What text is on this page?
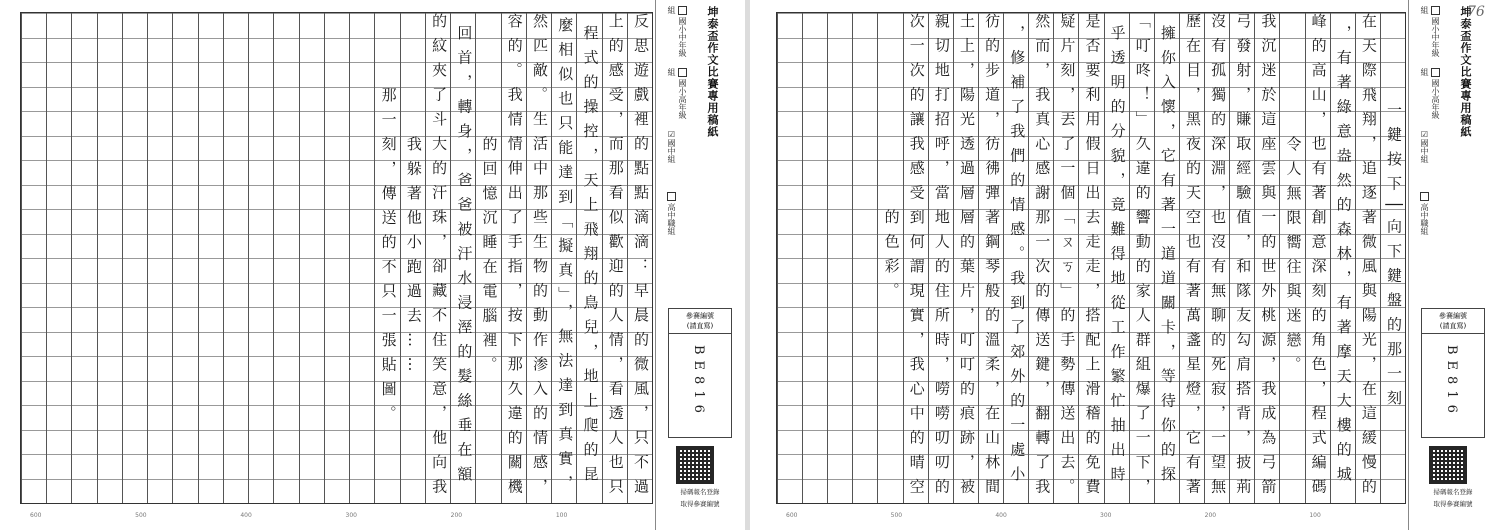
反思遊戲裡的點點滴滴：早晨的微風，只不過
上的感受，而那看似歡迎的人情，看透人也只
程式的操控，天上飛翔的鳥兒，地上爬的昆
麼相似也只能達到「擬真」，無法達到真實，
然匹敵。生活中那些生物的動作渗入的情感，
容的。我情情伸出了手指，按下那久違的關機
的回憶沉睡在電腦裡。
回首，轉身，爸爸被汗水浸溼的髮絲垂在額
的紋夾了斗大的汗珠，卻藏不住笑意，他向我
我躲著他小跑過去……
那一刻，傳送的不只一張貼圖。
600	500	400	300	200	100
坤泰盃作文比賽專用稿紙
國小中年級組
國小高年級組
☑國中組
高中職組
參賽編號
(請直寫)
BE816
掃碼報名登錄
取得參賽編號
一鍵按下│向下鍵盤的那一刻
在天際飛翔，追逐著微風與陽光，在這緩慢的
，有著綠意盎然的森林，有著摩天大樓的城
峰的高山，也有著創意深刻的角色，程式編碼
令人無限嚮往與迷戀。
我沉迷於這座雲與一的世外桃源，我成為弓箭
弓發射，賺取經驗值，和隊友勾肩搭背，披荊
沒有孤獨的深淵，也沒有無聊的死寂，一望無
歷在目，黑夜的天空也有著萬盞星燈，它有著
擁你入懷，它有著一道道關卡，等待你的探
「叮咚！」久違的響動的家人群組爆了一下，
乎透明的分貌，竟難得地從工作繁忙抽出時
是否要利用假日出去走走，搭配上滑稽的免費
疑片刻，丟了一個「ㄡㄎ」的手勢傳送出去。
然而，我真心感謝那一次的傳送鍵，翻轉了我
，修補了我們的情感。我到了郊外的一處小
彷的步道，彷彿彈著鋼琴般的溫柔，在山林間
土上，陽光透過層層的葉片，叮叮的痕跡，被
親切地打招呼，當地人的住所時，嘮嘮叨叨的
次一次的讓我感受到何謂現實，我心中的晴空
的色彩。
600	500	400	300	200	100
坤泰盃作文比賽專用稿紙
76
國小中年級組
國小高年級組
☑國中組
高中職組
參賽編號
(請直寫)
BE816
掃碼報名登錄
取得參賽編號
